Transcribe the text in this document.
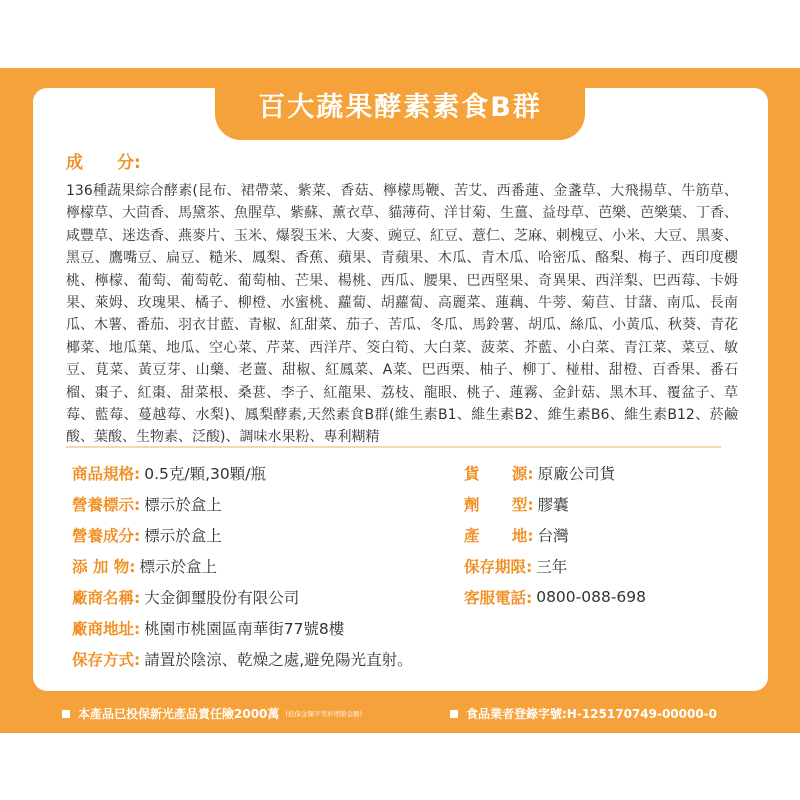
百大蔬果酵素素食B群
成 分:
136種蔬果綜合酵素(昆布、裙帶菜、紫菜、香菇、檸檬馬鞭、苦艾、西番蓮、金盞草、大飛揚草、牛筋草、檸檬草、大茴香、馬黛茶、魚腥草、紫蘇、薰衣草、貓薄荷、洋甘菊、生薑、益母草、芭樂、芭樂葉、丁香、咸豐草、迷迭香、燕麥片、玉米、爆裂玉米、大麥、豌豆、紅豆、薏仁、芝麻、刺槐豆、小米、大豆、黑麥、黑豆、鷹嘴豆、扁豆、糙米、鳳梨、香蕉、蘋果、青蘋果、木瓜、青木瓜、哈密瓜、酪梨、梅子、西印度櫻桃、檸檬、葡萄、葡萄乾、葡萄柚、芒果、楊桃、西瓜、腰果、巴西堅果、奇異果、西洋梨、巴西莓、卡姆果、萊姆、玫瑰果、橘子、柳橙、水蜜桃、蘿蔔、胡蘿蔔、高麗菜、蓮藕、牛蒡、菊苣、甘藷、南瓜、長南瓜、木薯、番茄、羽衣甘藍、青椒、紅甜菜、茄子、苦瓜、冬瓜、馬鈴薯、胡瓜、絲瓜、小黃瓜、秋葵、青花椰菜、地瓜葉、地瓜、空心菜、芹菜、西洋芹、筊白筍、大白菜、菠菜、芥藍、小白菜、青江菜、菜豆、敏豆、莧菜、黃豆芽、山藥、老薑、甜椒、紅鳳菜、A菜、巴西栗、柚子、柳丁、椪柑、甜橙、百香果、番石榴、棗子、紅棗、甜菜根、桑葚、李子、紅龍果、荔枝、龍眼、桃子、蓮霧、金針菇、黑木耳、覆盆子、草莓、藍莓、蔓越莓、水梨)、鳳梨酵素,天然素食B群(維生素B1、維生素B2、維生素B6、維生素B12、菸鹼酸、葉酸、生物素、泛酸)、調味水果粉、專利糊精
商品規格: 0.5克/顆,30顆/瓶
營養標示: 標示於盒上
營養成分: 標示於盒上
添 加 物: 標示於盒上
廠商名稱: 大金御璽股份有限公司
廠商地址: 桃園市桃園區南華街77號8樓
保存方式: 請置於陰涼、乾燥之處,避免陽光直射。
貨      源: 原廠公司貨
劑      型: 膠囊
產      地: 台灣
保存期限: 三年
客服電話: 0800-088-698
本產品已投保新光產品責任險2000萬 (投保金額不等於理賠金額)	食品業者登錄字號:H-125170749-00000-0
